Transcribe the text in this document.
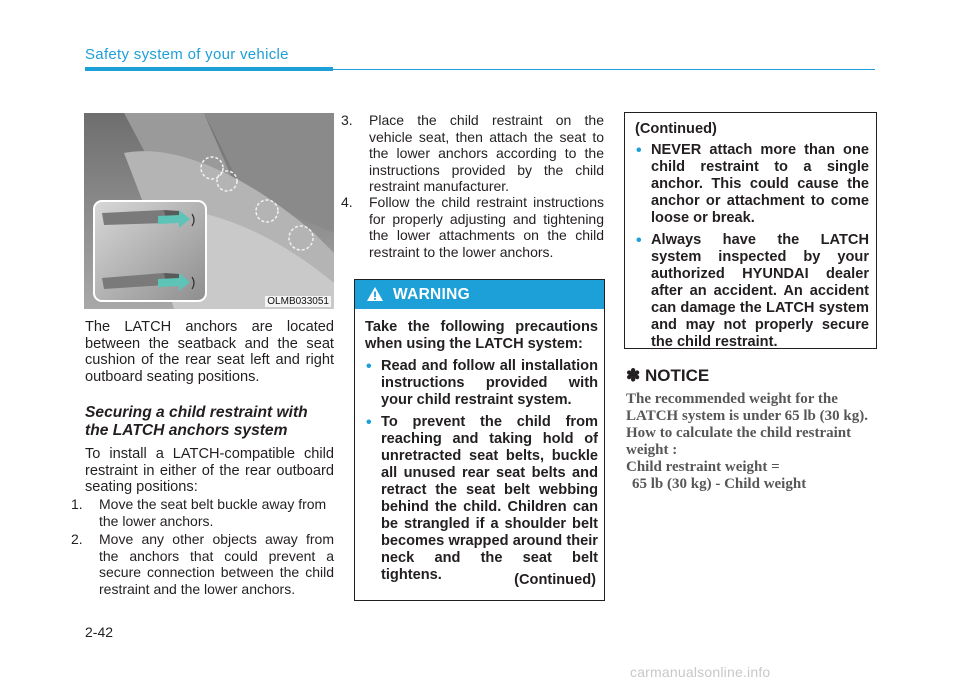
Safety system of your vehicle
OLMB033051
The LATCH anchors are located between the seatback and the seat cushion of the rear seat left and right outboard seating positions.
Securing a child restraint with the LATCH anchors system
To install a LATCH-compatible child restraint in either of the rear outboard seating positions:
1. Move the seat belt buckle away from the lower anchors.
2. Move any other objects away from the anchors that could prevent a secure connection between the child restraint and the lower anchors.
3. Place the child restraint on the vehicle seat, then attach the seat to the lower anchors according to the instructions provided by the child restraint manufacturer.
4. Follow the child restraint instructions for properly adjusting and tightening the lower attachments on the child restraint to the lower anchors.
WARNING
Take the following precautions when using the LATCH system:
• Read and follow all installation instructions provided with your child restraint system.
• To prevent the child from reaching and taking hold of unretracted seat belts, buckle all unused rear seat belts and retract the seat belt webbing behind the child. Children can be strangled if a shoulder belt becomes wrapped around their neck and the seat belt tightens.	(Continued)
(Continued)
• NEVER attach more than one child restraint to a single anchor. This could cause the anchor or attachment to come loose or break.
• Always have the LATCH system inspected by your authorized HYUNDAI dealer after an accident. An accident can damage the LATCH system and may not properly secure the child restraint.
✽ NOTICE
The recommended weight for the LATCH system is under 65 lb (30 kg).
How to calculate the child restraint weight :
Child restraint weight =
65 lb (30 kg) - Child weight
2-42
carmanualsonline.info
